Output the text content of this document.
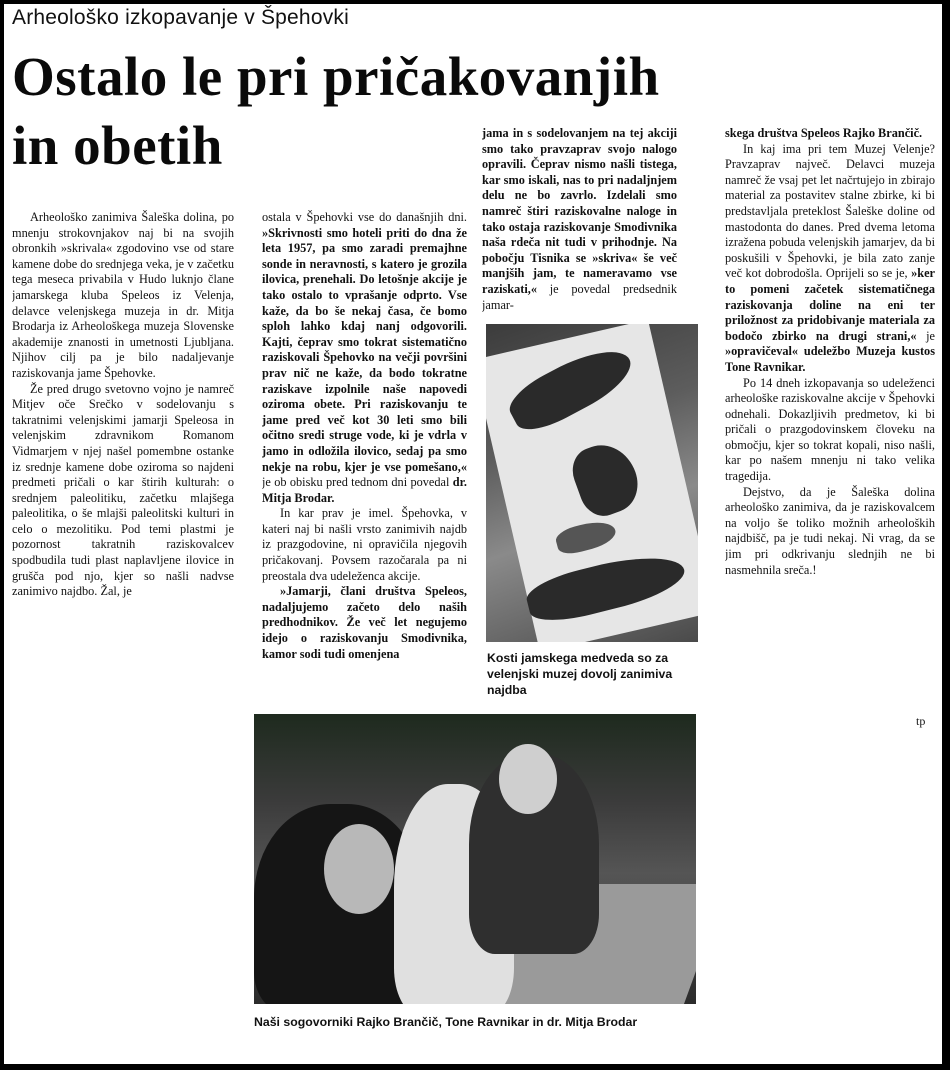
Arheološko izkopavanje v Špehovki
Ostalo le pri pričakovanjih
in obetih

Arheološko zanimiva Šaleška dolina, po mnenju strokovnjakov naj bi na svojih obronkih »skrivala« zgodovino vse od stare kamene dobe do srednjega veka, je v začetku tega meseca privabila v Hudo luknjo člane jamarskega kluba Speleos iz Velenja, delavce velenjskega muzeja in dr. Mitja Brodarja iz Arheološkega muzeja Slovenske akademije znanosti in umetnosti Ljubljana. Njihov cilj pa je bilo nadaljevanje raziskovanja jame Špehovke.

Že pred drugo svetovno vojno je namreč Mitjev oče Srečko v sodelovanju s takratnimi velenjskimi jamarji Speleosa in velenjskim zdravnikom Romanom Vidmarjem v njej našel pomembne ostanke iz srednje kamene dobe oziroma so najdeni predmeti pričali o kar štirih kulturah: o srednjem paleolitiku, začetku mlajšega paleolitika, o še mlajši paleolitski kulturi in celo o mezolitiku. Pod temi plastmi je pozornost takratnih raziskovalcev spodbudila tudi plast naplavljene ilovice in grušča pod njo, kjer so našli nadvse zanimivo najdbo. Žal, je

ostala v Špehovki vse do današnjih dni. »Skrivnosti smo hoteli priti do dna že leta 1957, pa smo zaradi premajhne sonde in neravnosti, s katero je grozila ilovica, prenehali. Do letošnje akcije je tako ostalo to vprašanje odprto. Vse kaže, da bo še nekaj časa, če bomo sploh lahko kdaj nanj odgovorili. Kajti, čeprav smo tokrat sistematično raziskovali Špehovko na večji površini prav nič ne kaže, da bodo tokratne raziskave izpolnile naše napovedi oziroma obete. Pri raziskovanju te jame pred več kot 30 leti smo bili očitno sredi struge vode, ki je vdrla v jamo in odložila ilovico, sedaj pa smo nekje na robu, kjer je vse pomešano,« je ob obisku pred tednom dni povedal dr. Mitja Brodar.

In kar prav je imel. Špehovka, v kateri naj bi našli vrsto zanimivih najdb iz prazgodovine, ni opravičila njegovih pričakovanj. Povsem razočarala pa ni preostala dva udeleženca akcije.

»Jamarji, člani društva Speleos, nadaljujemo začeto delo naših predhodnikov. Že več let negujemo idejo o raziskovanju Smodivnika, kamor sodi tudi omenjena

jama in s sodelovanjem na tej akciji smo tako pravzaprav svojo nalogo opravili. Čeprav nismo našli tistega, kar smo iskali, nas to pri nadaljnjem delu ne bo zavrlo. Izdelali smo namreč štiri raziskovalne naloge in tako ostaja raziskovanje Smodivnika naša rdeča nit tudi v prihodnje. Na pobočju Tisnika se »skriva« še več manjših jam, te nameravamo vse raziskati,« je povedal predsednik jamar-

Kosti jamskega medveda so za velenjski muzej dovolj zanimiva najdba

skega društva Speleos Rajko Brančič.

In kaj ima pri tem Muzej Velenje? Pravzaprav največ. Delavci muzeja namreč že vsaj pet let načrtujejo in zbirajo material za postavitev stalne zbirke, ki bi predstavljala preteklost Šaleške doline od mastodonta do danes. Pred dvema letoma izražena pobuda velenjskih jamarjev, da bi poskušili v Špehovki, je bila zato zanje več kot dobrodošla. Oprijeli so se je, »ker to pomeni začetek sistematičnega raziskovanja doline na eni ter priložnost za pridobivanje materiala za bodočo zbirko na drugi strani,« je »opravičeval« udeležbo Muzeja kustos Tone Ravnikar.

Po 14 dneh izkopavanja so udeleženci arheološke raziskovalne akcije v Špehovki odnehali. Dokazljivih predmetov, ki bi pričali o prazgodovinskem človeku na območju, kjer so tokrat kopali, niso našli, kar po našem mnenju ni tako velika tragedija.

Dejstvo, da je Šaleška dolina arheološko zanimiva, da je raziskovalcem na voljo še toliko možnih arheoloških najdbišč, pa je tudi nekaj. Ni vrag, da se jim pri odkrivanju slednjih ne bi nasmehnila sreča.!

tp
Naši sogovorniki Rajko Brančič, Tone Ravnikar in dr. Mitja Brodar
